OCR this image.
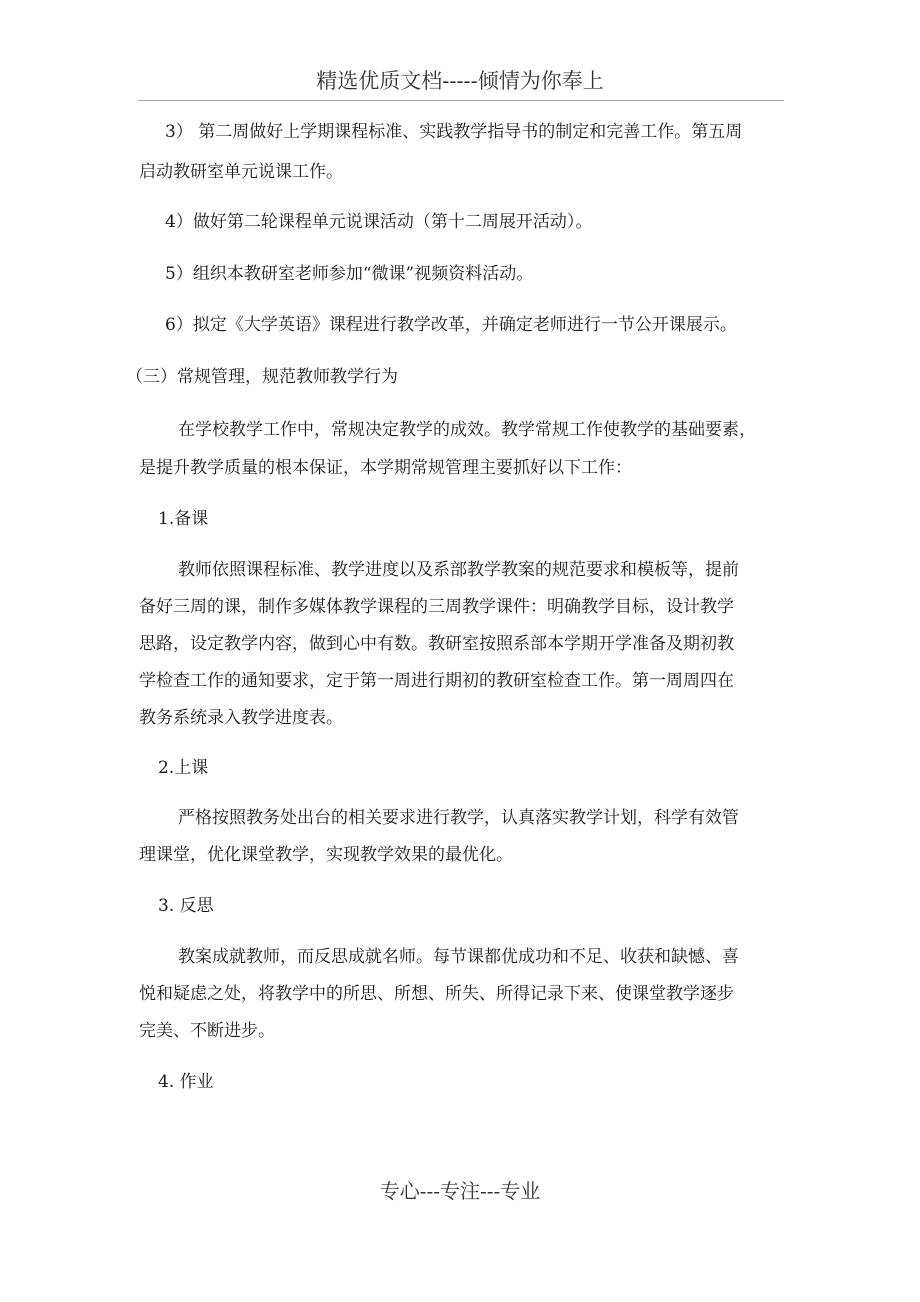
精选优质文档-----倾情为你奉上
3） 第二周做好上学期课程标准、实践教学指导书的制定和完善工作。第五周
启动教研室单元说课工作。
4）做好第二轮课程单元说课活动（第十二周展开活动）。
5）组织本教研室老师参加“微课”视频资料活动。
6）拟定《大学英语》课程进行教学改革，并确定老师进行一节公开课展示。
（三）常规管理，规范教师教学行为
在学校教学工作中，常规决定教学的成效。教学常规工作使教学的基础要素，
是提升教学质量的根本保证，本学期常规管理主要抓好以下工作：
1.备课
教师依照课程标准、教学进度以及系部教学教案的规范要求和模板等，提前
备好三周的课，制作多媒体教学课程的三周教学课件：明确教学目标，设计教学
思路，设定教学内容，做到心中有数。教研室按照系部本学期开学准备及期初教
学检查工作的通知要求，定于第一周进行期初的教研室检查工作。第一周周四在
教务系统录入教学进度表。
2.上课
严格按照教务处出台的相关要求进行教学，认真落实教学计划，科学有效管
理课堂，优化课堂教学，实现教学效果的最优化。
3. 反思
教案成就教师，而反思成就名师。每节课都优成功和不足、收获和缺憾、喜
悦和疑虑之处，将教学中的所思、所想、所失、所得记录下来、使课堂教学逐步
完美、不断进步。
4. 作业
专心---专注---专业
